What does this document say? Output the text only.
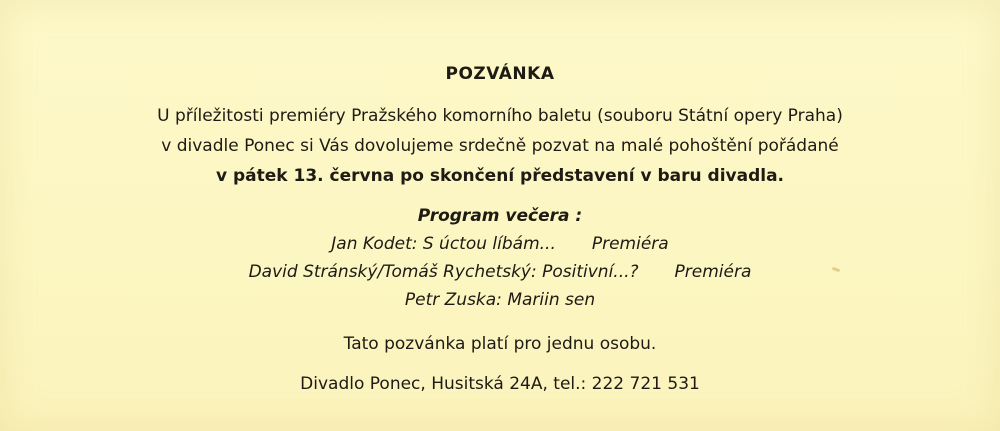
POZVÁNKA
U příležitosti premiéry Pražského komorního baletu (souboru Státní opery Praha)
v divadle Ponec si Vás dovolujeme srdečně pozvat na malé pohoštění pořádané
v pátek 13. června po skončení představení v baru divadla.
Program večera :
Jan Kodet: S úctou líbám... Premiéra
David Stránský/Tomáš Rychetský: Positivní...? Premiéra
Petr Zuska: Mariin sen
Tato pozvánka platí pro jednu osobu.
Divadlo Ponec, Husitská 24A, tel.: 222 721 531
